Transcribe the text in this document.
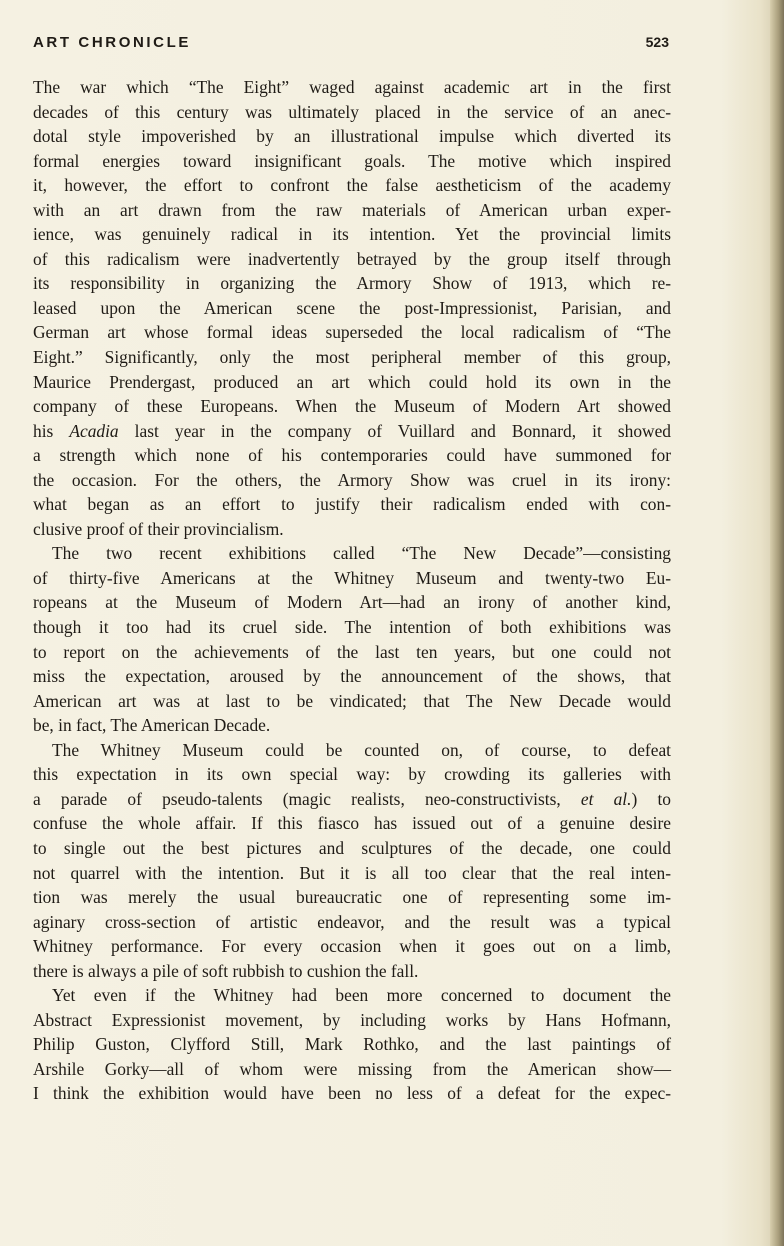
ART CHRONICLE	523
The war which “The Eight” waged against academic art in the first
decades of this century was ultimately placed in the service of an anec-
dotal style impoverished by an illustrational impulse which diverted its
formal energies toward insignificant goals. The motive which inspired
it, however, the effort to confront the false aestheticism of the academy
with an art drawn from the raw materials of American urban exper-
ience, was genuinely radical in its intention. Yet the provincial limits
of this radicalism were inadvertently betrayed by the group itself through
its responsibility in organizing the Armory Show of 1913, which re-
leased upon the American scene the post-Impressionist, Parisian, and
German art whose formal ideas superseded the local radicalism of “The
Eight.” Significantly, only the most peripheral member of this group,
Maurice Prendergast, produced an art which could hold its own in the
company of these Europeans. When the Museum of Modern Art showed
his Acadia last year in the company of Vuillard and Bonnard, it showed
a strength which none of his contemporaries could have summoned for
the occasion. For the others, the Armory Show was cruel in its irony:
what began as an effort to justify their radicalism ended with con-
clusive proof of their provincialism.
The two recent exhibitions called “The New Decade”—consisting
of thirty-five Americans at the Whitney Museum and twenty-two Eu-
ropeans at the Museum of Modern Art—had an irony of another kind,
though it too had its cruel side. The intention of both exhibitions was
to report on the achievements of the last ten years, but one could not
miss the expectation, aroused by the announcement of the shows, that
American art was at last to be vindicated; that The New Decade would
be, in fact, The American Decade.
The Whitney Museum could be counted on, of course, to defeat
this expectation in its own special way: by crowding its galleries with
a parade of pseudo-talents (magic realists, neo-constructivists, et al.) to
confuse the whole affair. If this fiasco has issued out of a genuine desire
to single out the best pictures and sculptures of the decade, one could
not quarrel with the intention. But it is all too clear that the real inten-
tion was merely the usual bureaucratic one of representing some im-
aginary cross-section of artistic endeavor, and the result was a typical
Whitney performance. For every occasion when it goes out on a limb,
there is always a pile of soft rubbish to cushion the fall.
Yet even if the Whitney had been more concerned to document the
Abstract Expressionist movement, by including works by Hans Hofmann,
Philip Guston, Clyfford Still, Mark Rothko, and the last paintings of
Arshile Gorky—all of whom were missing from the American show—
I think the exhibition would have been no less of a defeat for the expec-
